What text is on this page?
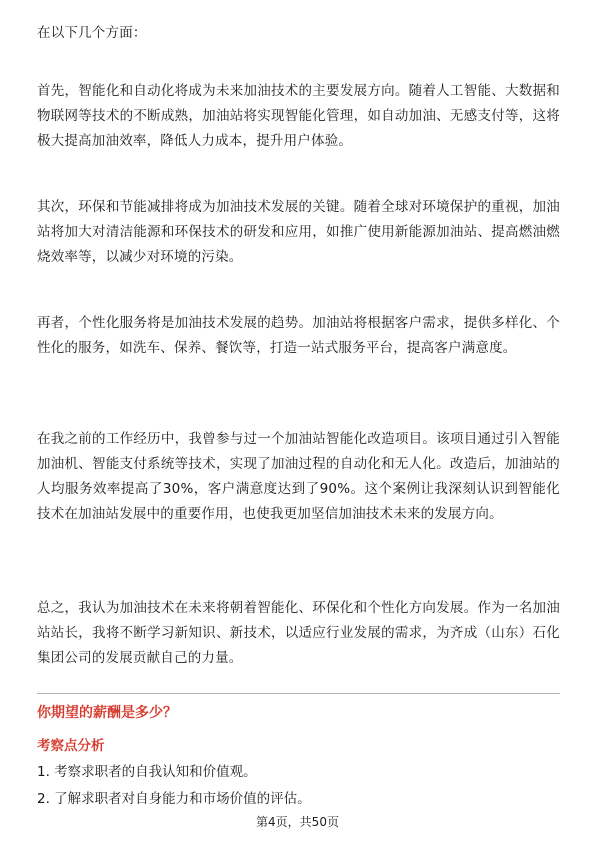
在以下几个方面：

首先，智能化和自动化将成为未来加油技术的主要发展方向。随着人工智能、大数据和物联网等技术的不断成熟，加油站将实现智能化管理，如自动加油、无感支付等，这将极大提高加油效率，降低人力成本，提升用户体验。

其次，环保和节能减排将成为加油技术发展的关键。随着全球对环境保护的重视，加油站将加大对清洁能源和环保技术的研发和应用，如推广使用新能源加油站、提高燃油燃烧效率等，以减少对环境的污染。

再者，个性化服务将是加油技术发展的趋势。加油站将根据客户需求，提供多样化、个性化的服务，如洗车、保养、餐饮等，打造一站式服务平台，提高客户满意度。

在我之前的工作经历中，我曾参与过一个加油站智能化改造项目。该项目通过引入智能加油机、智能支付系统等技术，实现了加油过程的自动化和无人化。改造后，加油站的人均服务效率提高了30%，客户满意度达到了90%。这个案例让我深刻认识到智能化技术在加油站发展中的重要作用，也使我更加坚信加油技术未来的发展方向。

总之，我认为加油技术在未来将朝着智能化、环保化和个性化方向发展。作为一名加油站站长，我将不断学习新知识、新技术，以适应行业发展的需求，为齐成（山东）石化集团公司的发展贡献自己的力量。

你期望的薪酬是多少？

考察点分析

1. 考察求职者的自我认知和价值观。

2. 了解求职者对自身能力和市场价值的评估。

第4页，共50页
